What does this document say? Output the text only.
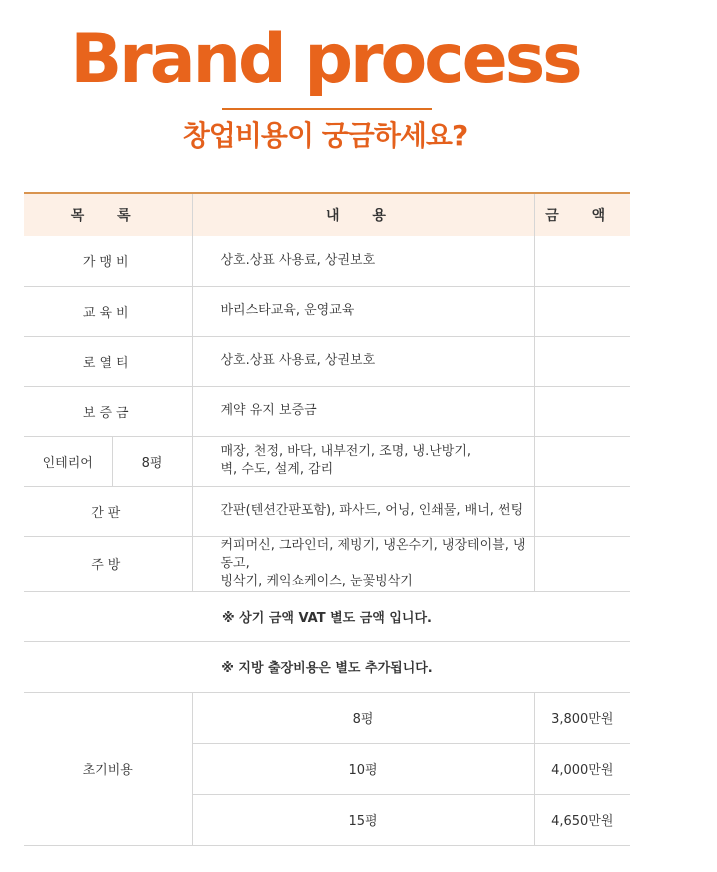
Brand process
창업비용이 궁금하세요?
목 록		내 용	금 액
가맹비		상호.상표 사용료, 상권보호	
교육비		바리스타교육, 운영교육	
로열티		상호.상표 사용료, 상권보호	
보증금		계약 유지 보증금	
인테리어	8평	매장, 천정, 바닥, 내부전기, 조명, 냉.난방기,
벽, 수도, 설계, 감리	

간판		간판(텐션간판포함), 파사드, 어닝, 인쇄물, 배너, 썬팅	
주방		커피머신, 그라인더, 제빙기, 냉온수기, 냉장테이블, 냉동고,
빙삭기, 케익쇼케이스, 눈꽃빙삭기	

※ 상기 금액 VAT 별도 금액 입니다.			
※ 지방 출장비용은 별도 추가됩니다.			
초기비용		8평	3,800만원
		10평	4,000만원
		15평	4,650만원
